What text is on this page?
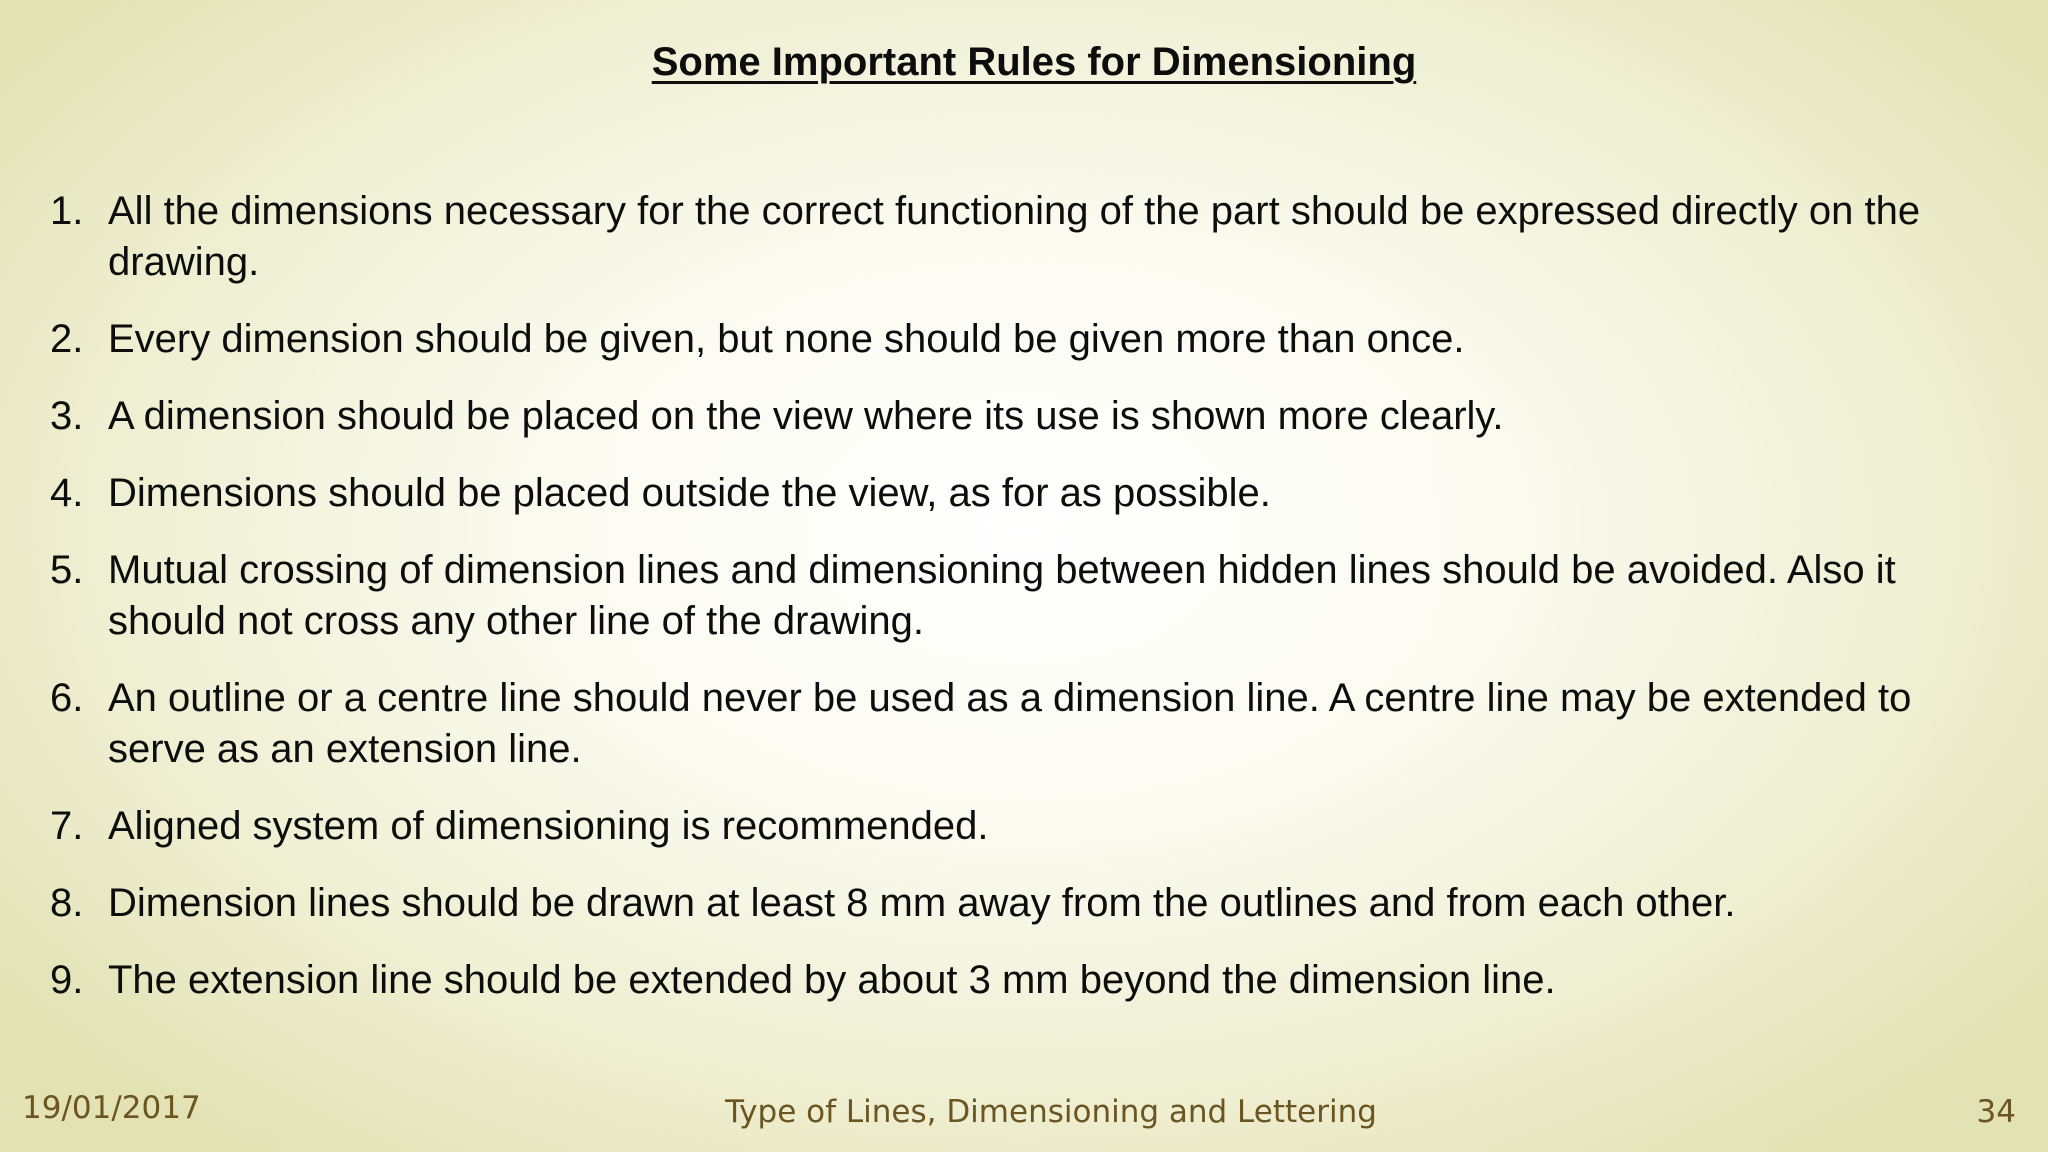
Some Important Rules for Dimensioning
1. All the dimensions necessary for the correct functioning of the part should be expressed directly on the drawing.
2. Every dimension should be given, but none should be given more than once.
3. A dimension should be placed on the view where its use is shown more clearly.
4. Dimensions should be placed outside the view, as for as possible.
5. Mutual crossing of dimension lines and dimensioning between hidden lines should be avoided. Also it should not cross any other line of the drawing.
6. An outline or a centre line should never be used as a dimension line. A centre line may be extended to serve as an extension line.
7. Aligned system of dimensioning is recommended.
8. Dimension lines should be drawn at least 8 mm away from the outlines and from each other.
9. The extension line should be extended by about 3 mm beyond the dimension line.
19/01/2017	Type of Lines, Dimensioning and Lettering	34
